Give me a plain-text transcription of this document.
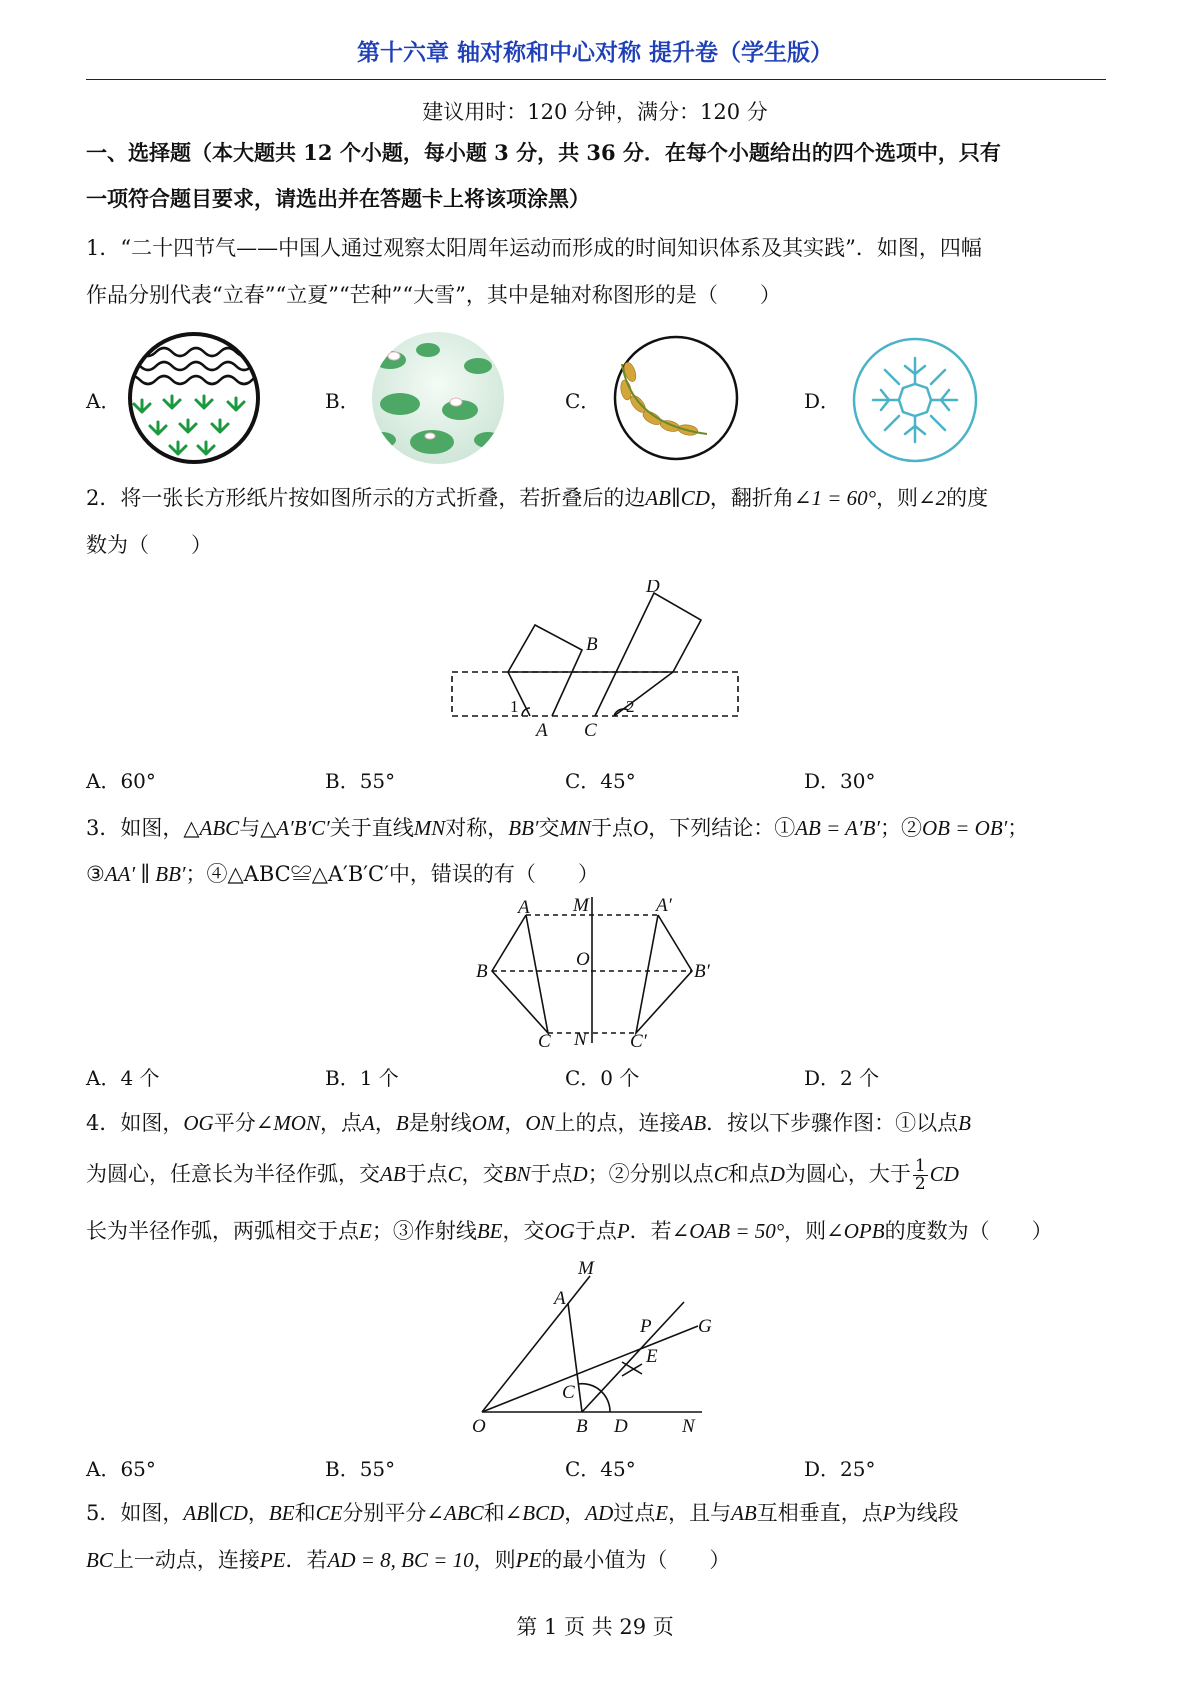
第十六章 轴对称和中心对称 提升卷（学生版）
建议用时：120 分钟，满分：120 分
一、选择题（本大题共 12 个小题，每小题 3 分，共 36 分．在每个小题给出的四个选项中，只有
一项符合题目要求，请选出并在答题卡上将该项涂黑）
1．“二十四节气——中国人通过观察太阳周年运动而形成的时间知识体系及其实践”．如图，四幅
作品分别代表“立春”“立夏”“芒种”“大雪”，其中是轴对称图形的是（　　）
A．	B．	C．	D．
2．将一张长方形纸片按如图所示的方式折叠，若折叠后的边AB∥CD，翻折角∠1 = 60°，则∠2的度
数为（　　）
D
B
A C
1	2
A．60°	B．55°	C．45°	D．30°
3．如图，△ABC与△A′B′C′关于直线MN对称，BB′交MN于点O，下列结论：①AB = A′B′；②OB = OB′；
③AA′ ∥ BB′；④△ABC≌△A′B′C′中，错误的有（　　）
A M	A′
B
O
B′
C N C′
A．4 个	B．1 个	C．0 个	D．2 个
4．如图，OG平分∠MON，点A，B是射线OM，ON上的点，连接AB．按以下步骤作图：①以点B
为圆心，任意长为半径作弧，交AB于点C，交BN于点D；②分别以点C和点D为圆心，大于 $\frac{1}{2}$ CD
长为半径作弧，两弧相交于点E；③作射线BE，交OG于点P．若∠OAB = 50°，则∠OPB的度数为（　　）
M
A
P G
E
C
O	B D	N
A．65°	B．55°	C．45°	D．25°
5．如图，AB∥CD，BE和CE分别平分∠ABC和∠BCD，AD过点E，且与AB互相垂直，点P为线段
BC上一动点，连接PE．若AD = 8, BC = 10，则PE的最小值为（　　）
第 1 页 共 29 页
